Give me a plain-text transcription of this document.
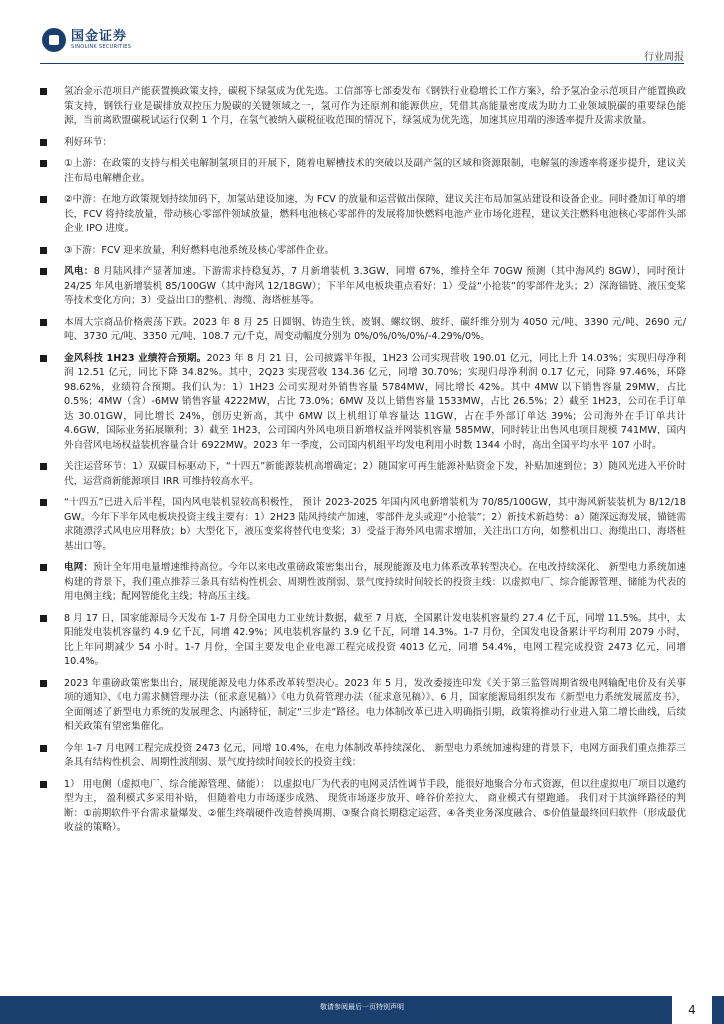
国金证券
SINOLINK SECURITIES
行业周报
氢冶金示范项目产能获置换政策支持，碳税下绿氢成为优先选。工信部等七部委发布《钢铁行业稳增长工作方案》，给予氢冶金示范项目产能置换政策支持，钢铁行业是碳排放双控压力脱碳的关键领域之一，氢可作为还原剂和能源供应，凭借其高能量密度成为助力工业领域脱碳的重要绿色能源，当前离欧盟碳税试运行仅剩 1 个月，在氢气被纳入碳税征收范围的情况下，绿氢成为优先选，加速其应用端的渗透率提升及需求放量。
利好环节：
①上游：在政策的支持与相关电解制氢项目的开展下，随着电解槽技术的突破以及副产氢的区域和资源限制，电解氢的渗透率将逐步提升，建议关注布局电解槽企业。
②中游：在地方政策规划持续加码下，加氢站建设加速，为 FCV 的放量和运营做出保障，建议关注布局加氢站建设和设备企业。同时叠加订单的增长，FCV 将持续放量，带动核心零部件领域放量，燃料电池核心零部件的发展将加快燃料电池产业市场化进程，建议关注燃料电池核心零部件头部企业 IPO 进度。
③下游：FCV 迎来放量，利好燃料电池系统及核心零部件企业。
风电：8 月陆风排产显著加速。下游需求持稳复苏，7 月新增装机 3.3GW，同增 67%，维持全年 70GW 预测（其中海风约 8GW），同时预计 24/25 年风电新增装机 85/100GW（其中海风 12/18GW）；下半年风电板块重点看好：1）受益“小抢装”的零部件龙头；2）深海锚链、液压变桨等技术变化方向；3）受益出口的整机、海缆、海塔桩基等。
本周大宗商品价格震荡下跌。2023 年 8 月 25 日圆钢、铸造生铁、废钢、螺纹钢、玻纤、碳纤维分别为 4050 元/吨、3390 元/吨、2690 元/吨、3730 元/吨、3350 元/吨、108.7 元/千克，周变动幅度分别为 0%/0%/0%/0%/-4.29%/0%。
金风科技 1H23 业绩符合预期。2023 年 8 月 21 日，公司披露半年报，1H23 公司实现营收 190.01 亿元，同比上升 14.03%；实现归母净利润 12.51 亿元，同比下降 34.82%。其中，2Q23 实现营收 134.36 亿元，同增 30.70%；实现归母净利润 0.17 亿元，同降 97.46%，环降 98.62%，业绩符合预期。我们认为：1）1H23 公司实现对外销售容量 5784MW，同比增长 42%。其中 4MW 以下销售容量 29MW，占比 0.5%；4MW（含）-6MW 销售容量 4222MW，占比 73.0%；6MW 及以上销售容量 1533MW，占比 26.5%；2）截至 1H23，公司在手订单达 30.01GW，同比增长 24%，创历史新高，其中 6MW 以上机组订单容量达 11GW，占在手外部订单达 39%；公司海外在手订单共计 4.6GW，国际业务拓展顺利；3）截至 1H23，公司国内外风电项目新增权益并网装机容量 585MW，同时转让出售风电项目规模 741MW，国内外自营风电场权益装机容量合计 6922MW。2023 年一季度，公司国内机组平均发电利用小时数 1344 小时，高出全国平均水平 107 小时。
关注运营环节：1）双碳目标驱动下，“十四五”新能源装机高增确定；2）随国家可再生能源补贴资金下发，补贴加速到位；3）随风光进入平价时代，运营商新能源项目 IRR 可维持较高水平。
“十四五”已进入后半程，国内风电装机显较高积极性， 预计 2023-2025 年国内风电新增装机为 70/85/100GW，其中海风新装装机为 8/12/18 GW。今年下半年风电板块投资主线主要有：1）2H23 陆风持续产加速，零部件龙头或迎“小抢装”；2）新技术新趋势：a）随深远海发展，锚链需求随漂浮式风电应用释放；b）大型化下，液压变桨将替代电变桨；3）受益于海外风电需求增加，关注出口方向，如整机出口、海缆出口、海塔桩基出口等。
电网：预计全年用电量增速维持高位。今年以来电改重磅政策密集出台，展现能源及电力体系改革转型决心。在电改持续深化、 新型电力系统加速构建的背景下，我们重点推荐三条具有结构性机会、周期性波削弱、景气度持续时间较长的投资主线：以虚拟电厂、综合能源管理、储能为代表的用电侧主线；配网智能化主线；特高压主线。
8 月 17 日，国家能源局今天发布 1-7 月份全国电力工业统计数据，截至 7 月底，全国累计发电装机容量约 27.4 亿千瓦，同增 11.5%。其中，太阳能发电装机容量约 4.9 亿千瓦，同增 42.9%；风电装机容量约 3.9 亿千瓦，同增 14.3%。1-7 月份，全国发电设备累计平均利用 2079 小时，比上年同期减少 54 小时。1-7 月份，全国主要发电企业电源工程完成投资 4013 亿元，同增 54.4%，电网工程完成投资 2473 亿元，同增 10.4%。
2023 年重磅政策密集出台，展现能源及电力体系改革转型决心。2023 年 5 月，发改委接连印发《关于第三监管周期省级电网输配电价及有关事项的通知》、《电力需求侧管理办法（征求意见稿）》《电力负荷管理办法（征求意见稿）》、6 月，国家能源局组织发布《新型电力系统发展蓝皮书》， 全面阐述了新型电力系统的发展理念、内涵特征，制定“三步走”路径。电力体制改革已进入明确指引期，政策将推动行业进入第二增长曲线，后续相关政策有望密集催化。
今年 1-7 月电网工程完成投资 2473 亿元，同增 10.4%，在电力体制改革持续深化、 新型电力系统加速构建的背景下，电网方面我们重点推荐三条具有结构性机会、周期性波削弱、景气度持续时间较长的投资主线：
1） 用电侧（虚拟电厂、综合能源管理、储能）： 以虚拟电厂为代表的电网灵活性调节手段，能很好地聚合分布式资源，但以往虚拟电厂项目以邀约型为主， 盈利模式多采用补贴， 但随着电力市场逐步成熟、 现货市场逐步放开、峰谷价差拉大、 商业模式有望跑通。 我们对于其演绎路径的判断：①前期软件平台需求量爆发、②催生终端硬件改造替换周期、③聚合商长期稳定运营、④各类业务深度融合、⑤价值量最终回归软件（形成最优收益的策略）。
敬请参阅最后一页特别声明	4
